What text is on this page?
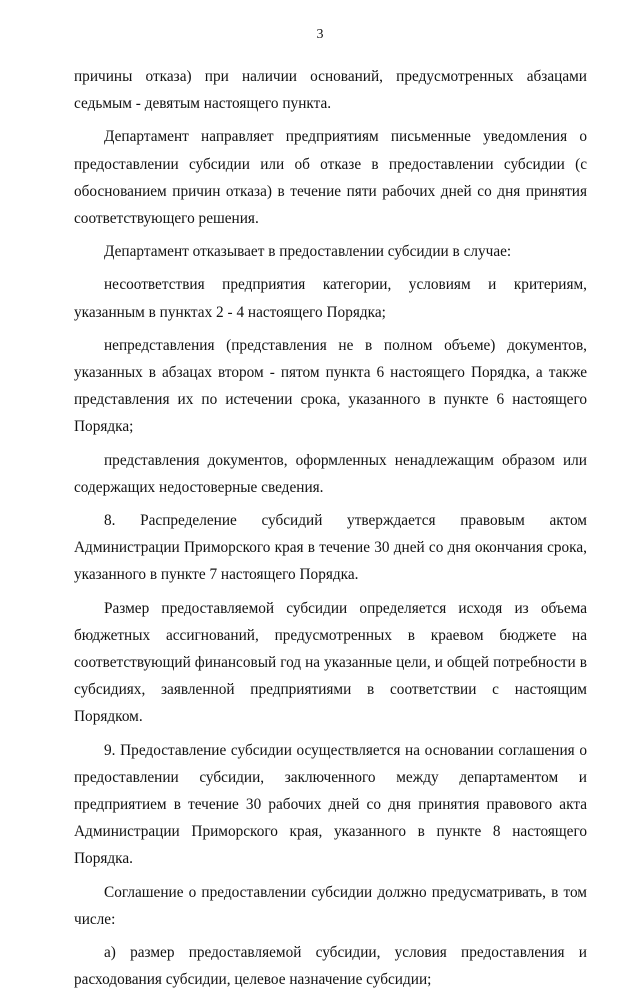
3

причины отказа) при наличии оснований, предусмотренных абзацами седьмым - девятым настоящего пункта.

Департамент направляет предприятиям письменные уведомления о предоставлении субсидии или об отказе в предоставлении субсидии (с обоснованием причин отказа) в течение пяти рабочих дней со дня принятия соответствующего решения.

Департамент отказывает в предоставлении субсидии в случае:

несоответствия предприятия категории, условиям и критериям, указанным в пунктах 2 - 4 настоящего Порядка;

непредставления (представления не в полном объеме) документов, указанных в абзацах втором - пятом пункта 6 настоящего Порядка, а также представления их по истечении срока, указанного в пункте 6 настоящего Порядка;

представления документов, оформленных ненадлежащим образом или содержащих недостоверные сведения.

8. Распределение субсидий утверждается правовым актом Администрации Приморского края в течение 30 дней со дня окончания срока, указанного в пункте 7 настоящего Порядка.

Размер предоставляемой субсидии определяется исходя из объема бюджетных ассигнований, предусмотренных в краевом бюджете на соответствующий финансовый год на указанные цели, и общей потребности в субсидиях, заявленной предприятиями в соответствии с настоящим Порядком.

9. Предоставление субсидии осуществляется на основании соглашения о предоставлении субсидии, заключенного между департаментом и предприятием в течение 30 рабочих дней со дня принятия правового акта Администрации Приморского края, указанного в пункте 8 настоящего Порядка.

Соглашение о предоставлении субсидии должно предусматривать, в том числе:

а) размер предоставляемой субсидии, условия предоставления и расходования субсидии, целевое назначение субсидии;
